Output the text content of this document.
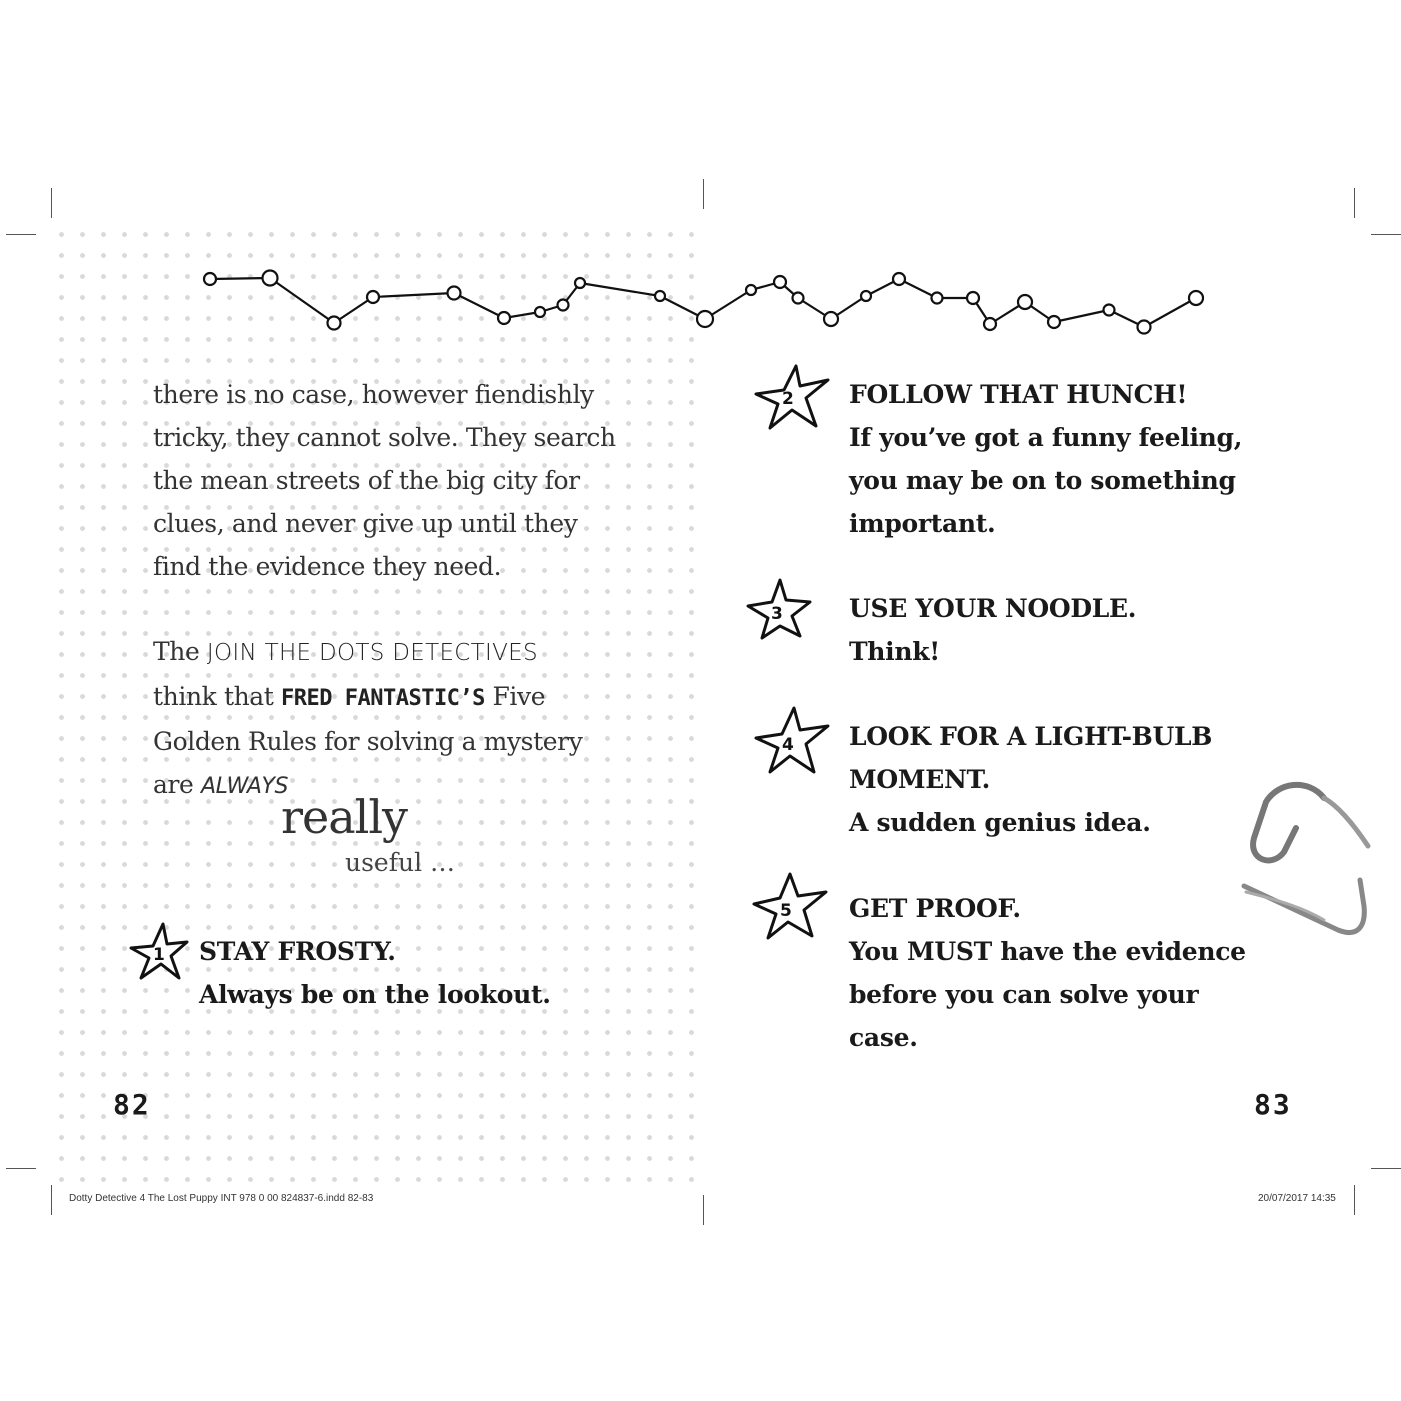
there is no case, however fiendishly

tricky, they cannot solve. They search

the mean streets of the big city for

clues, and never give up until they

find the evidence they need.

The JOIN THE DOTS DETECTIVES

think that FRED FANTASTIC’S Five

Golden Rules for solving a mystery

are ALWAYS

really
useful …
1
2
3
4
5
STAY FROSTY.
Always be on the lookout.
FOLLOW THAT HUNCH!
If you’ve got a funny feeling,
you may be on to something
important.
USE YOUR NOODLE.
Think!
LOOK FOR A LIGHT-BULB
MOMENT.
A sudden genius idea.
GET PROOF.
You MUST have the evidence
before you can solve your
case.
82	83
Dotty Detective 4 The Lost Puppy INT 978 0 00 824837-6.indd 82-83	20/07/2017 14:35
